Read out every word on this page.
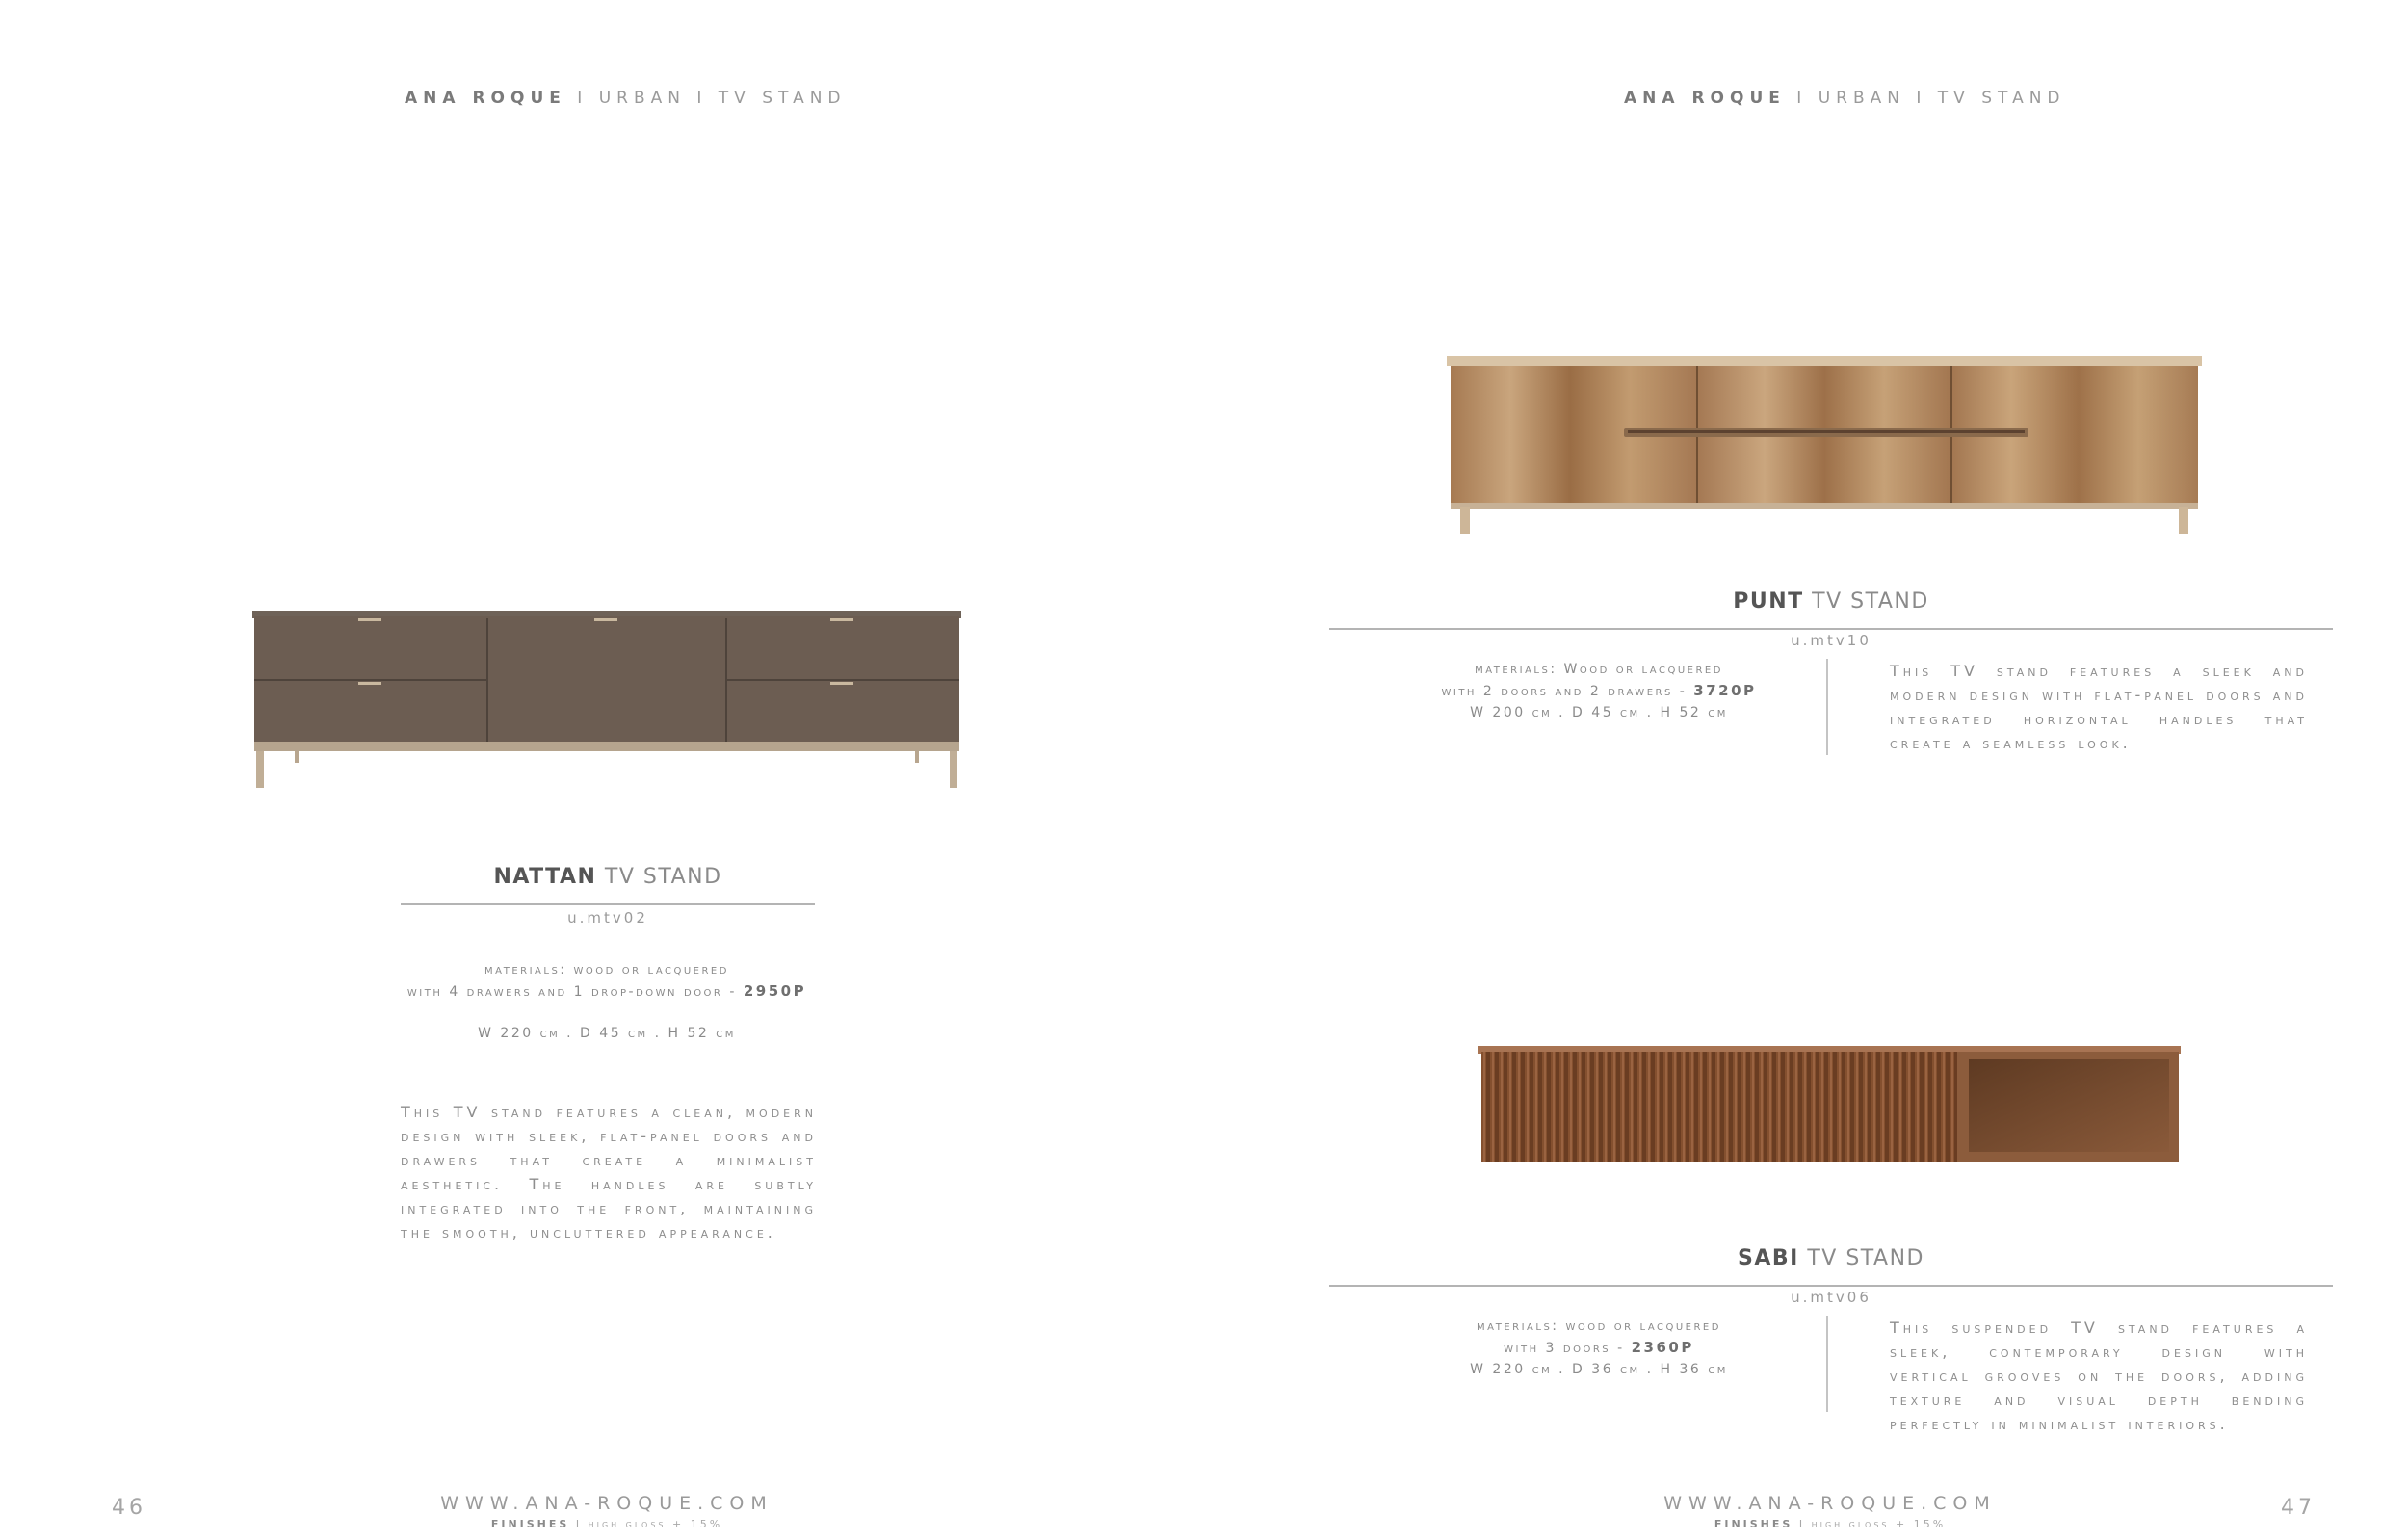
ANA ROQUE I URBAN I TV STAND
NATTAN TV STAND
u.mtv02
materials: wood or lacquered
with 4 drawers and 1 drop-down door - 2950P
W 220 cm . D 45 cm . H 52 cm
This TV stand features a clean, modern design with sleek, flat-panel doors and drawers that create a minimalist aesthetic. The handles are subtly integrated into the front, maintaining the smooth, uncluttered appearance.
46	WWW.ANA-ROQUE.COM
FINISHES I high gloss + 15%
ANA ROQUE I URBAN I TV STAND
PUNT TV STAND
u.mtv10
materials: Wood or lacquered
with 2 doors and 2 drawers - 3720P
W 200 cm . D 45 cm . H 52 cm
This TV stand features a sleek and modern design with flat-panel doors and integrated horizontal handles that create a seamless look.
SABI TV STAND
u.mtv06
materials: wood or lacquered
with 3 doors - 2360P
W 220 cm . D 36 cm . H 36 cm
This suspended TV stand features a sleek, contemporary design with vertical grooves on the doors, adding texture and visual depth bending perfectly in minimalist interiors.
WWW.ANA-ROQUE.COM
FINISHES I high gloss + 15%
47
